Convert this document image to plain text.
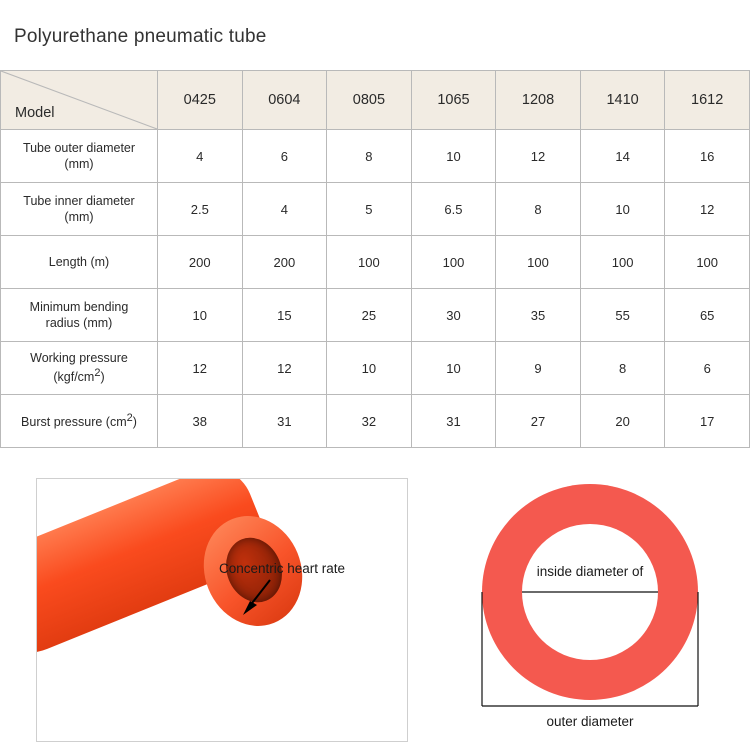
Polyurethane pneumatic tube
Model	0425	0604	0805	1065	1208	1410	1612

Tube outer diameter
(mm)	4	6	8	10	12	14	16

Tube inner diameter
(mm)	2.5	4	5	6.5	8	10	12

Length (m)	200	200	100	100	100	100	100

Minimum bending
radius (mm)	10	15	25	30	35	55	65

Working pressure
(kgf/cm2)	12	12	10	10	9	8	6

Burst pressure (cm2)	38	31	32	31	27	20	17
Concentric heart rate	inside diameter of
outer diameter
